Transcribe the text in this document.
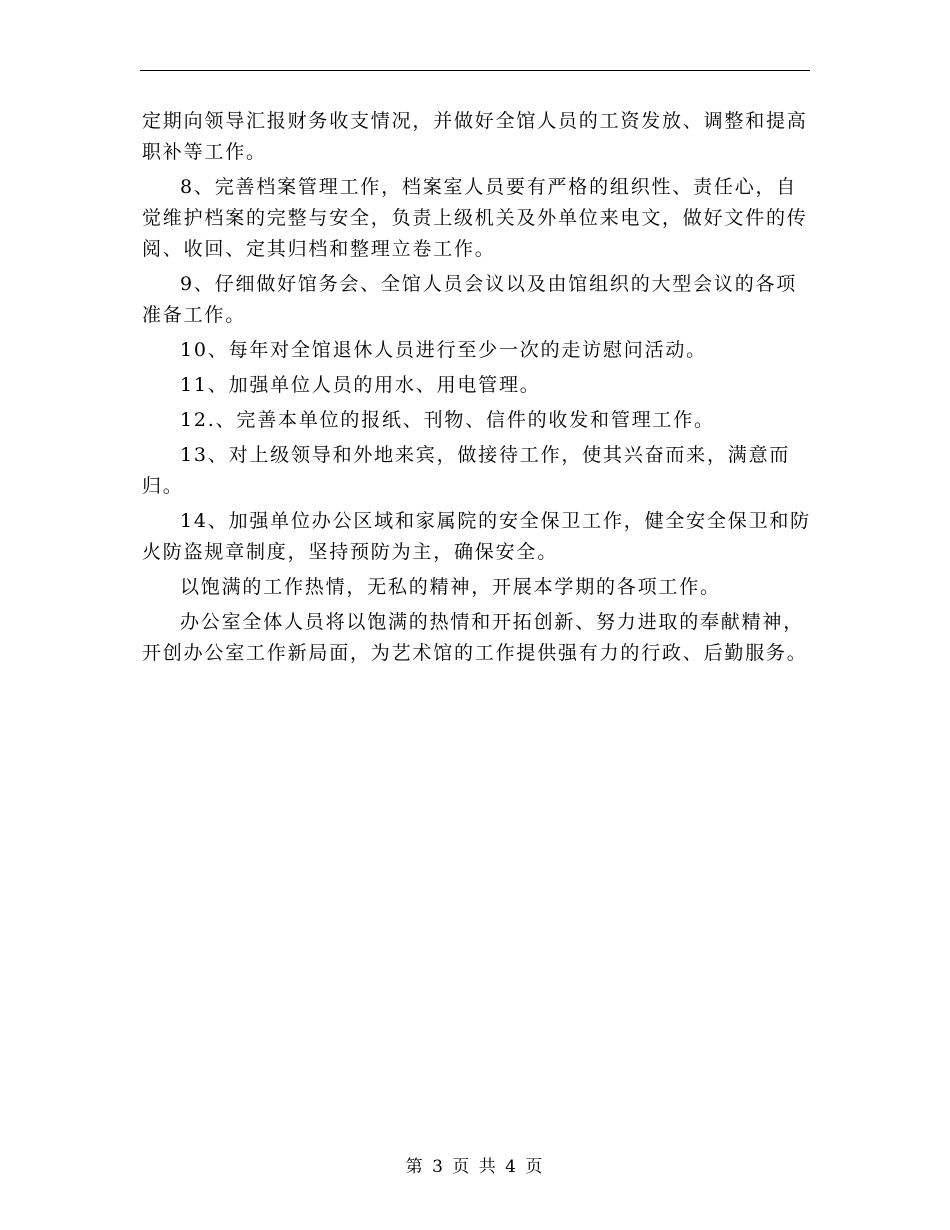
定期向领导汇报财务收支情况，并做好全馆人员的工资发放、调整和提高职补等工作。

8、完善档案管理工作，档案室人员要有严格的组织性、责任心，自觉维护档案的完整与安全，负责上级机关及外单位来电文，做好文件的传阅、收回、定其归档和整理立卷工作。

9、仔细做好馆务会、全馆人员会议以及由馆组织的大型会议的各项准备工作。

10、每年对全馆退休人员进行至少一次的走访慰问活动。

11、加强单位人员的用水、用电管理。

12.、完善本单位的报纸、刊物、信件的收发和管理工作。

13、对上级领导和外地来宾，做接待工作，使其兴奋而来，满意而归。

14、加强单位办公区域和家属院的安全保卫工作，健全安全保卫和防火防盗规章制度，坚持预防为主，确保安全。

以饱满的工作热情，无私的精神，开展本学期的各项工作。

办公室全体人员将以饱满的热情和开拓创新、努力进取的奉献精神，开创办公室工作新局面，为艺术馆的工作提供强有力的行政、后勤服务。

第 3 页 共 4 页
